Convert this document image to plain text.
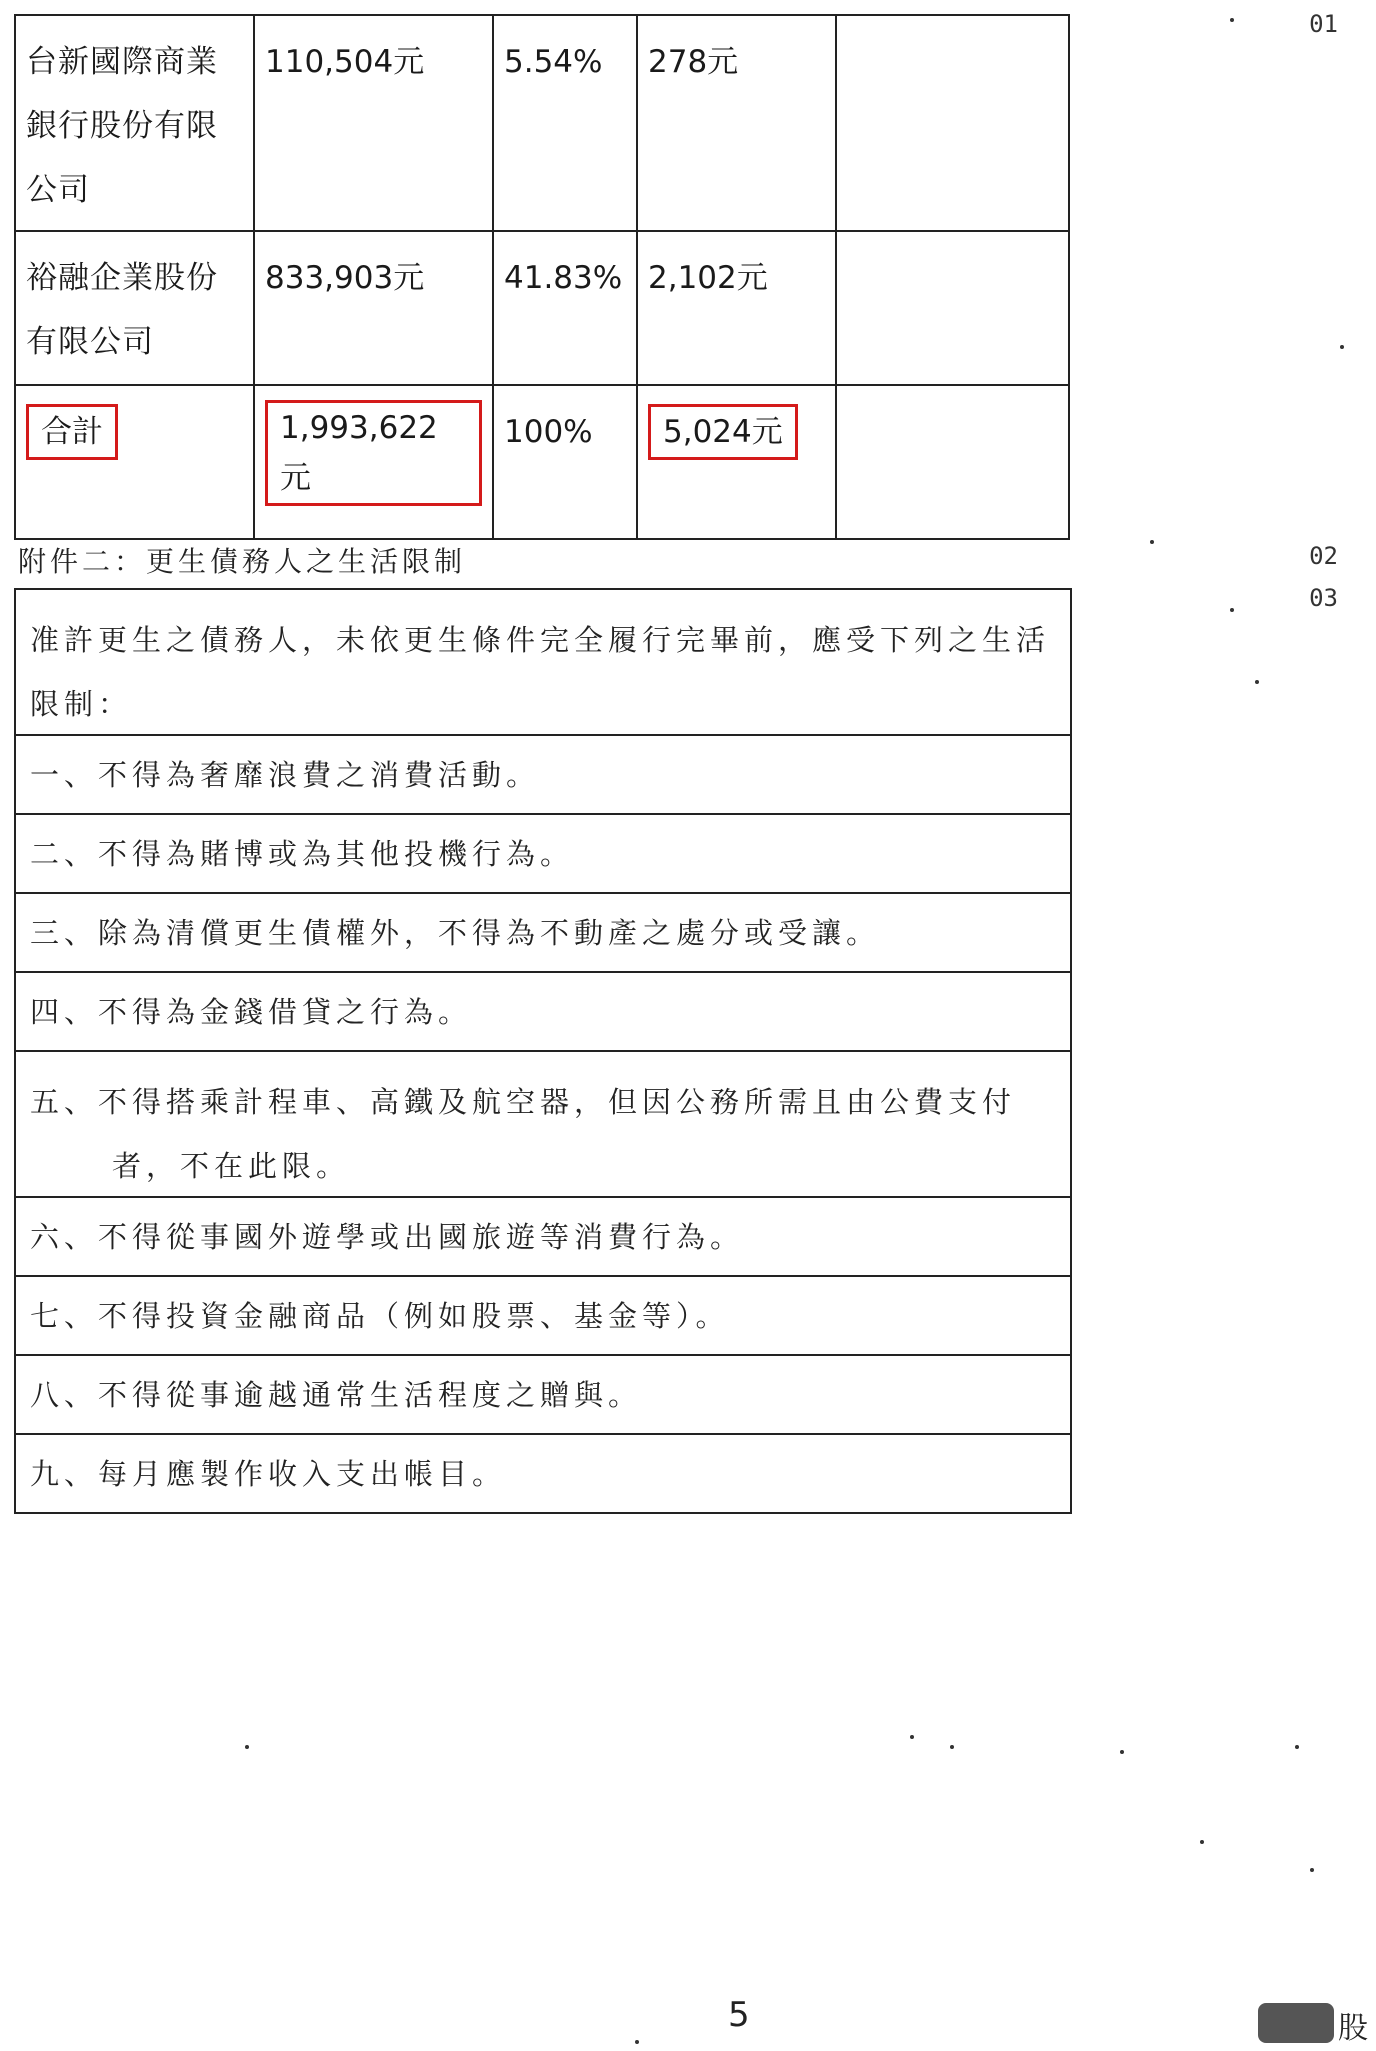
台新國際商業銀行股份有限公司	110,504元	5.54%	278元	
裕融企業股份有限公司	833,903元	41.83%	2,102元	
合計	1,993,622元	100%	5,024元	
附件二：更生債務人之生活限制
准許更生之債務人，未依更生條件完全履行完畢前，應受下列之生活
限制：
一、不得為奢靡浪費之消費活動。
二、不得為賭博或為其他投機行為。
三、除為清償更生債權外，不得為不動產之處分或受讓。
四、不得為金錢借貸之行為。
五、不得搭乘計程車、高鐵及航空器，但因公務所需且由公費支付
者，不在此限。
六、不得從事國外遊學或出國旅遊等消費行為。
七、不得投資金融商品（例如股票、基金等）。
八、不得從事逾越通常生活程度之贈與。
九、每月應製作收入支出帳目。
01
02
03
5	股
